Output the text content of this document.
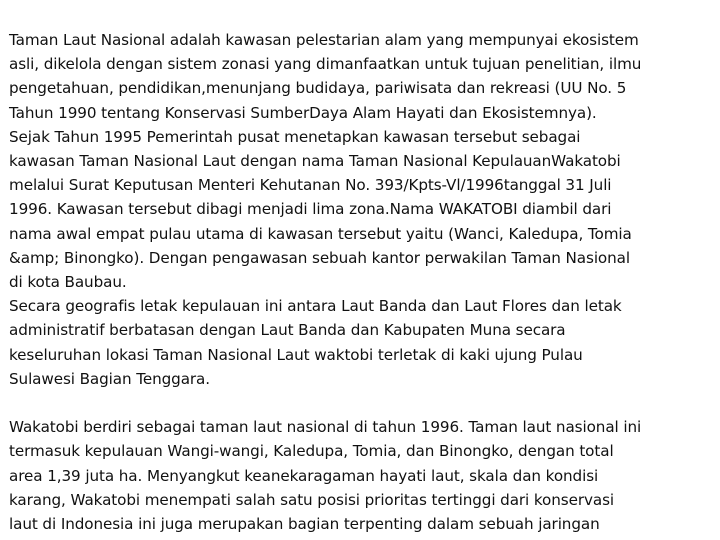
Taman Laut Nasional adalah kawasan pelestarian alam yang mempunyai ekosistem
asli, dikelola dengan sistem zonasi yang dimanfaatkan untuk tujuan penelitian, ilmu
pengetahuan, pendidikan,menunjang budidaya, pariwisata dan rekreasi (UU No. 5
Tahun 1990 tentang Konservasi SumberDaya Alam Hayati dan Ekosistemnya).
Sejak Tahun 1995 Pemerintah pusat menetapkan kawasan tersebut sebagai
kawasan Taman Nasional Laut dengan nama Taman Nasional KepulauanWakatobi
melalui Surat Keputusan Menteri Kehutanan No. 393/Kpts-Vl/1996tanggal 31 Juli
1996. Kawasan tersebut dibagi menjadi lima zona.Nama WAKATOBI diambil dari
nama awal empat pulau utama di kawasan tersebut yaitu (Wanci, Kaledupa, Tomia
&amp; Binongko). Dengan pengawasan sebuah kantor perwakilan Taman Nasional
di kota Baubau.
Secara geografis letak kepulauan ini antara Laut Banda dan Laut Flores dan letak
administratif berbatasan dengan Laut Banda dan Kabupaten Muna secara
keseluruhan lokasi Taman Nasional Laut waktobi terletak di kaki ujung Pulau
Sulawesi Bagian Tenggara.
Wakatobi berdiri sebagai taman laut nasional di tahun 1996. Taman laut nasional ini
termasuk kepulauan Wangi-wangi, Kaledupa, Tomia, dan Binongko, dengan total
area 1,39 juta ha. Menyangkut keanekaragaman hayati laut, skala dan kondisi
karang, Wakatobi menempati salah satu posisi prioritas tertinggi dari konservasi
laut di Indonesia ini juga merupakan bagian terpenting dalam sebuah jaringan
